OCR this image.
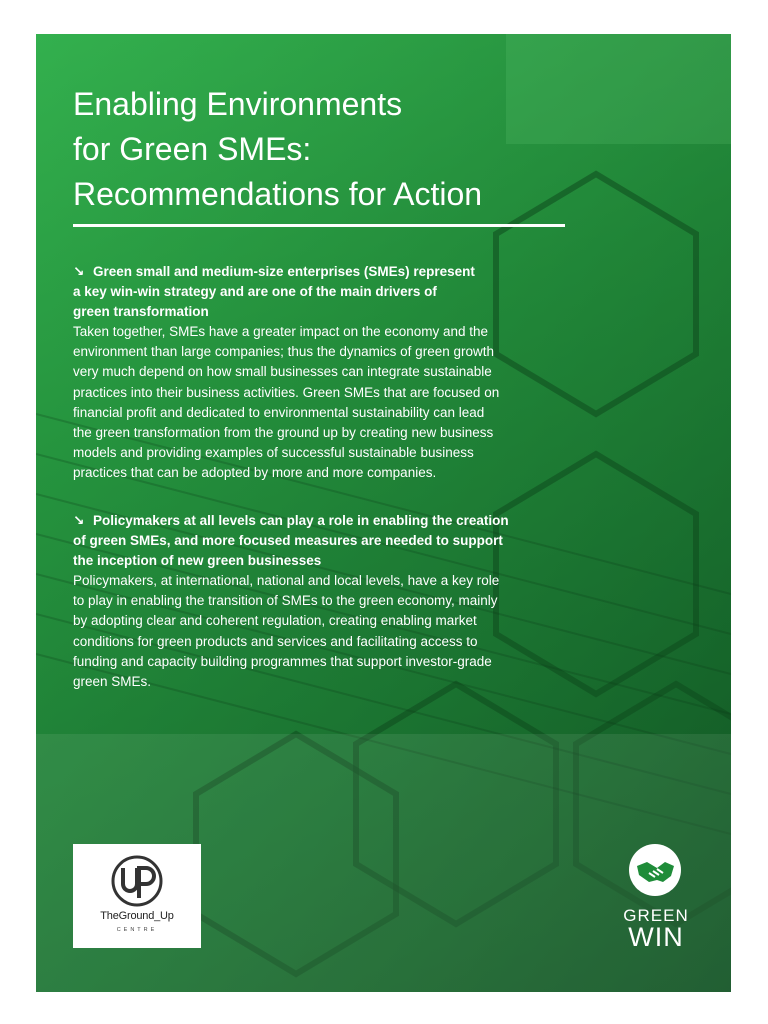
Enabling Environments
for Green SMEs:
Recommendations for Action

↘ Green small and medium-size enterprises (SMEs) represent
a key win-win strategy and are one of the main drivers of
green transformation

Taken together, SMEs have a greater impact on the economy and the
environment than large companies; thus the dynamics of green growth
very much depend on how small businesses can integrate sustainable
practices into their business activities. Green SMEs that are focused on
financial profit and dedicated to environmental sustainability can lead
the green transformation from the ground up by creating new business
models and providing examples of successful sustainable business
practices that can be adopted by more and more companies.

↘ Policymakers at all levels can play a role in enabling the creation
of green SMEs, and more focused measures are needed to support
the inception of new green businesses

Policymakers, at international, national and local levels, have a key role
to play in enabling the transition of SMEs to the green economy, mainly
by adopting clear and coherent regulation, creating enabling market
conditions for green products and services and facilitating access to
funding and capacity building programmes that support investor-grade
green SMEs.

TheGround_Up
CENTRE
GREEN
WIN
